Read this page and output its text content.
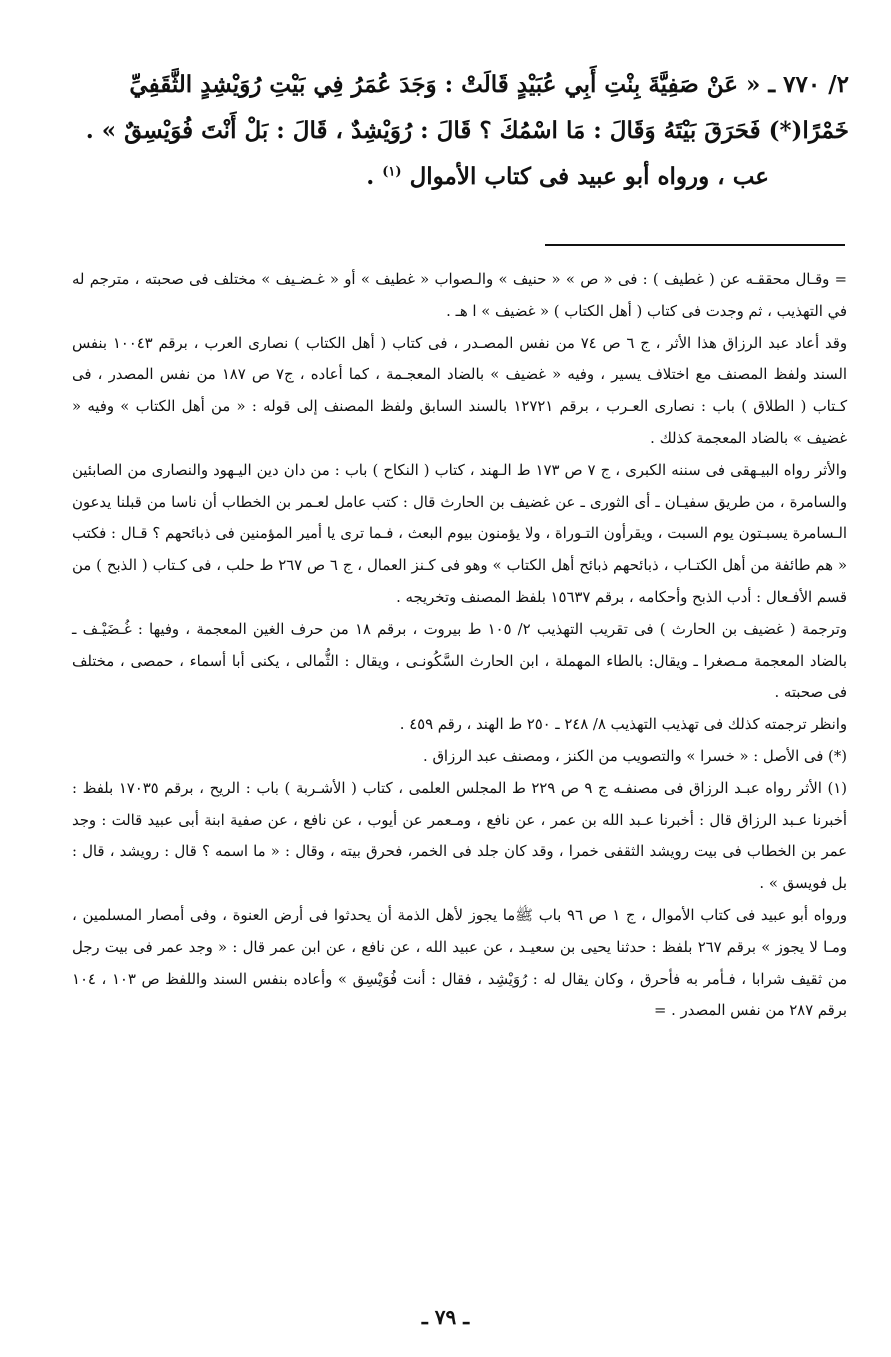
٢/ ٧٧٠ ـ « عَنْ صَفِيَّةَ بِنْتِ أَبِي عُبَيْدٍ قَالَتْ : وَجَدَ عُمَرُ فِي بَيْتِ رُوَيْشِدٍ الثَّقَفِيِّ

خَمْرًا(*) فَحَرَقَ بَيْتَهُ وَقَالَ : مَا اسْمُكَ ؟ قَالَ : رُوَيْشِدٌ ، قَالَ : بَلْ أَنْتَ فُوَيْسِقٌ » .

عب ، ورواه أبو عبيد فى كتاب الأموال $^{(١)}$ .

= وقـال محققـه عن ( غطيف ) : فى « ص » « حنيف » والـصواب « غطيف » أو « غـضـيف » مختلف فى صحبته ، مترجم له في التهذيب ، ثم وجدت فى كتاب ( أهل الكتاب ) « غضيف » ا هـ .

وقد أعاد عبد الرزاق هذا الأثر ، ج ٦ ص ٧٤ من نفس المصـدر ، فى كتاب ( أهل الكتاب ) نصارى العرب ، برقم ١٠٠٤٣ بنفس السند ولفظ المصنف مع اختلاف يسير ، وفيه « غضيف » بالضاد المعجـمة ، كما أعاده ، ج٧ ص ١٨٧ من نفس المصدر ، فى كـتاب ( الطلاق ) باب : نصارى العـرب ، برقم ١٢٧٢١ بالسند السابق ولفظ المصنف إلى قوله : « من أهل الكتاب » وفيه « غضيف » بالضاد المعجمة كذلك .

والأثر رواه البيـهقى فى سننه الكبرى ، ج ٧ ص ١٧٣ ط الـهند ، كتاب ( النكاح ) باب : من دان دين اليـهود والنصارى من الصابئين والسامرة ، من طريق سفيـان ـ أى الثورى ـ عن غضيف بن الحارث قال : كتب عامل لعـمر بن الخطاب أن ناسا من قبلنا يدعون الـسامرة يسبـتون يوم السبت ، ويقرأون التـوراة ، ولا يؤمنون بيوم البعث ، فـما ترى يا أمير المؤمنين فى ذبائحهم ؟ قـال : فكتب « هم طائفة من أهل الكتـاب ، ذبائحهم ذبائح أهل الكتاب » وهو فى كـنز العمال ، ج ٦ ص ٢٦٧ ط حلب ، فى كـتاب ( الذبح ) من قسم الأفـعال : أدب الذبح وأحكامه ، برقم ١٥٦٣٧ بلفظ المصنف وتخريجه .

وترجمة ( غضيف بن الحارث ) فى تقريب التهذيب ٢/ ١٠٥ ط بيروت ، برقم ١٨ من حرف الغين المعجمة ، وفيها : غُـضَيْـف ـ بالضاد المعجمة مـصغرا ـ ويقال: بالطاء المهملة ، ابن الحارث السَّكُونـى ، ويقال : الثُّمالى ، يكنى أبا أسماء ، حمصى ، مختلف فى صحبته .

وانظر ترجمته كذلك فى تهذيب التهذيب ٨/ ٢٤٨ ـ ٢٥٠ ط الهند ، رقم ٤٥٩ .

(*) فى الأصل : « خسرا » والتصويب من الكنز ، ومصنف عبد الرزاق .

(١) الأثر رواه عبـد الرزاق فى مصنفـه ج ٩ ص ٢٢٩ ط المجلس العلمى ، كتاب ( الأشـربة ) باب : الريح ، برقم ١٧٠٣٥ بلفظ : أخبرنا عـبد الرزاق قال : أخبرنا عـبد الله بن عمر ، عن نافع ، ومـعمر عن أيوب ، عن نافع ، عن صفية ابنة أبى عبيد قالت : وجد عمر بن الخطاب فى بيت رويشد الثقفى خمرا ، وقد كان جلد فى الخمر، فحرق بيته ، وقال : « ما اسمه ؟ قال : رويشد ، قال : بل فويسق » .

ورواه أبو عبيد فى كتاب الأموال ، ج ١ ص ٩٦ باب ﷺما يجوز لأهل الذمة أن يحدثوا فى أرض العنوة ، وفى أمصار المسلمين ، ومـا لا يجوز » برقم ٢٦٧ بلفظ : حدثنا يحيى بن سعيـد ، عن عبيد الله ، عن نافع ، عن ابن عمر قال : « وجد عمر فى بيت رجل من ثقيف شرابا ، فـأمر به فأحرق ، وكان يقال له : رُوَيْشِد ، فقال : أنت فُوَيْسِق » وأعاده بنفس السند واللفظ ص ١٠٣ ، ١٠٤ برقم ٢٨٧ من نفس المصدر . =

ـ ٧٩ ـ
